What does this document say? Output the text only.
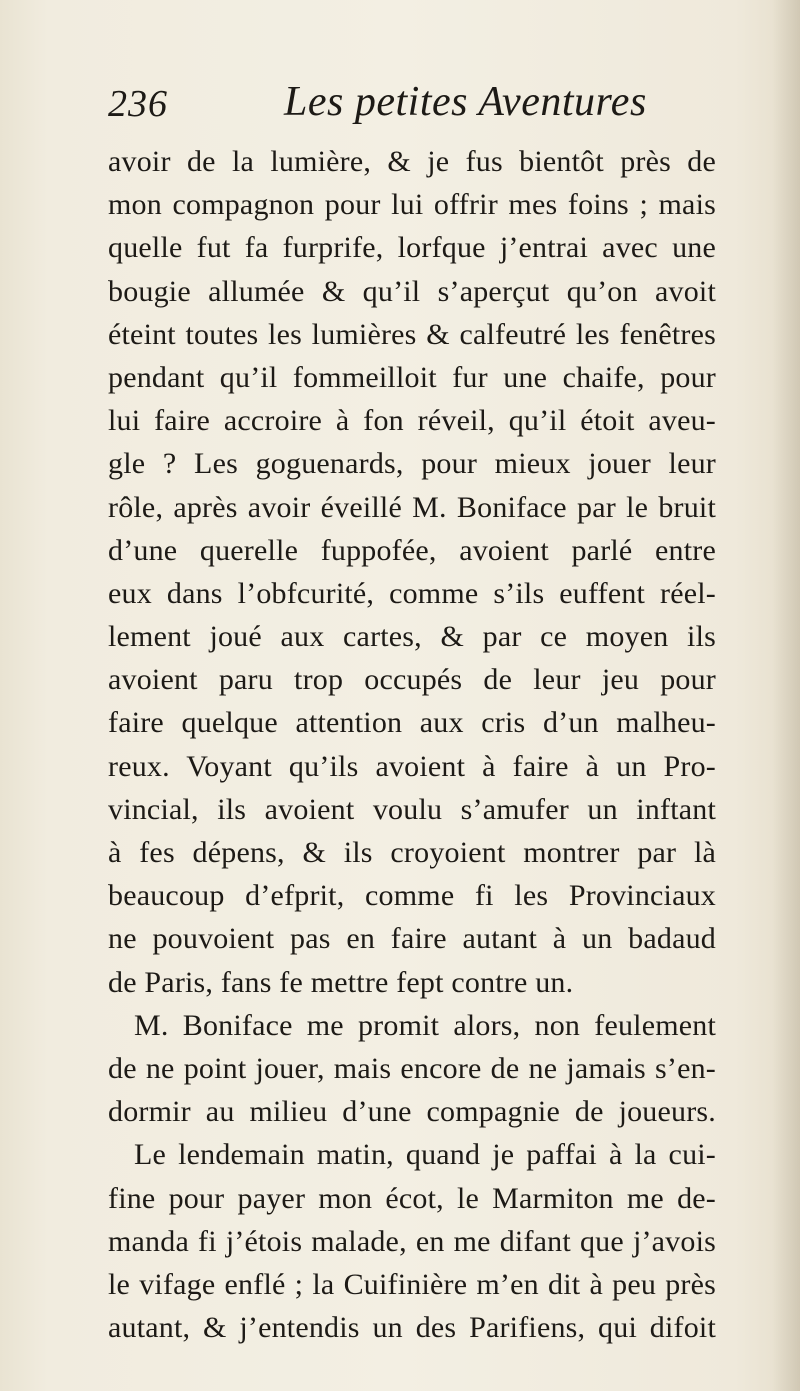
236	Les petites Aventures
avoir de la lumière, & je fus bientôt près de
mon compagnon pour lui offrir mes foins ; mais
quelle fut fa furprife, lorfque j’entrai avec une
bougie allumée & qu’il s’aperçut qu’on avoit
éteint toutes les lumières & calfeutré les fenêtres
pendant qu’il fommeilloit fur une chaife, pour
lui faire accroire à fon réveil, qu’il étoit aveu-
gle ? Les goguenards, pour mieux jouer leur
rôle, après avoir éveillé M. Boniface par le bruit
d’une querelle fuppofée, avoient parlé entre
eux dans l’obfcurité, comme s’ils euffent réel-
lement joué aux cartes, & par ce moyen ils
avoient paru trop occupés de leur jeu pour
faire quelque attention aux cris d’un malheu-
reux. Voyant qu’ils avoient à faire à un Pro-
vincial, ils avoient voulu s’amufer un inftant
à fes dépens, & ils croyoient montrer par là
beaucoup d’efprit, comme fi les Provinciaux
ne pouvoient pas en faire autant à un badaud
de Paris, fans fe mettre fept contre un.
M. Boniface me promit alors, non feulement
de ne point jouer, mais encore de ne jamais s’en-
dormir au milieu d’une compagnie de joueurs.
Le lendemain matin, quand je paffai à la cui-
fine pour payer mon écot, le Marmiton me de-
manda fi j’étois malade, en me difant que j’avois
le vifage enflé ; la Cuifinière m’en dit à peu près
autant, & j’entendis un des Parifiens, qui difoit
